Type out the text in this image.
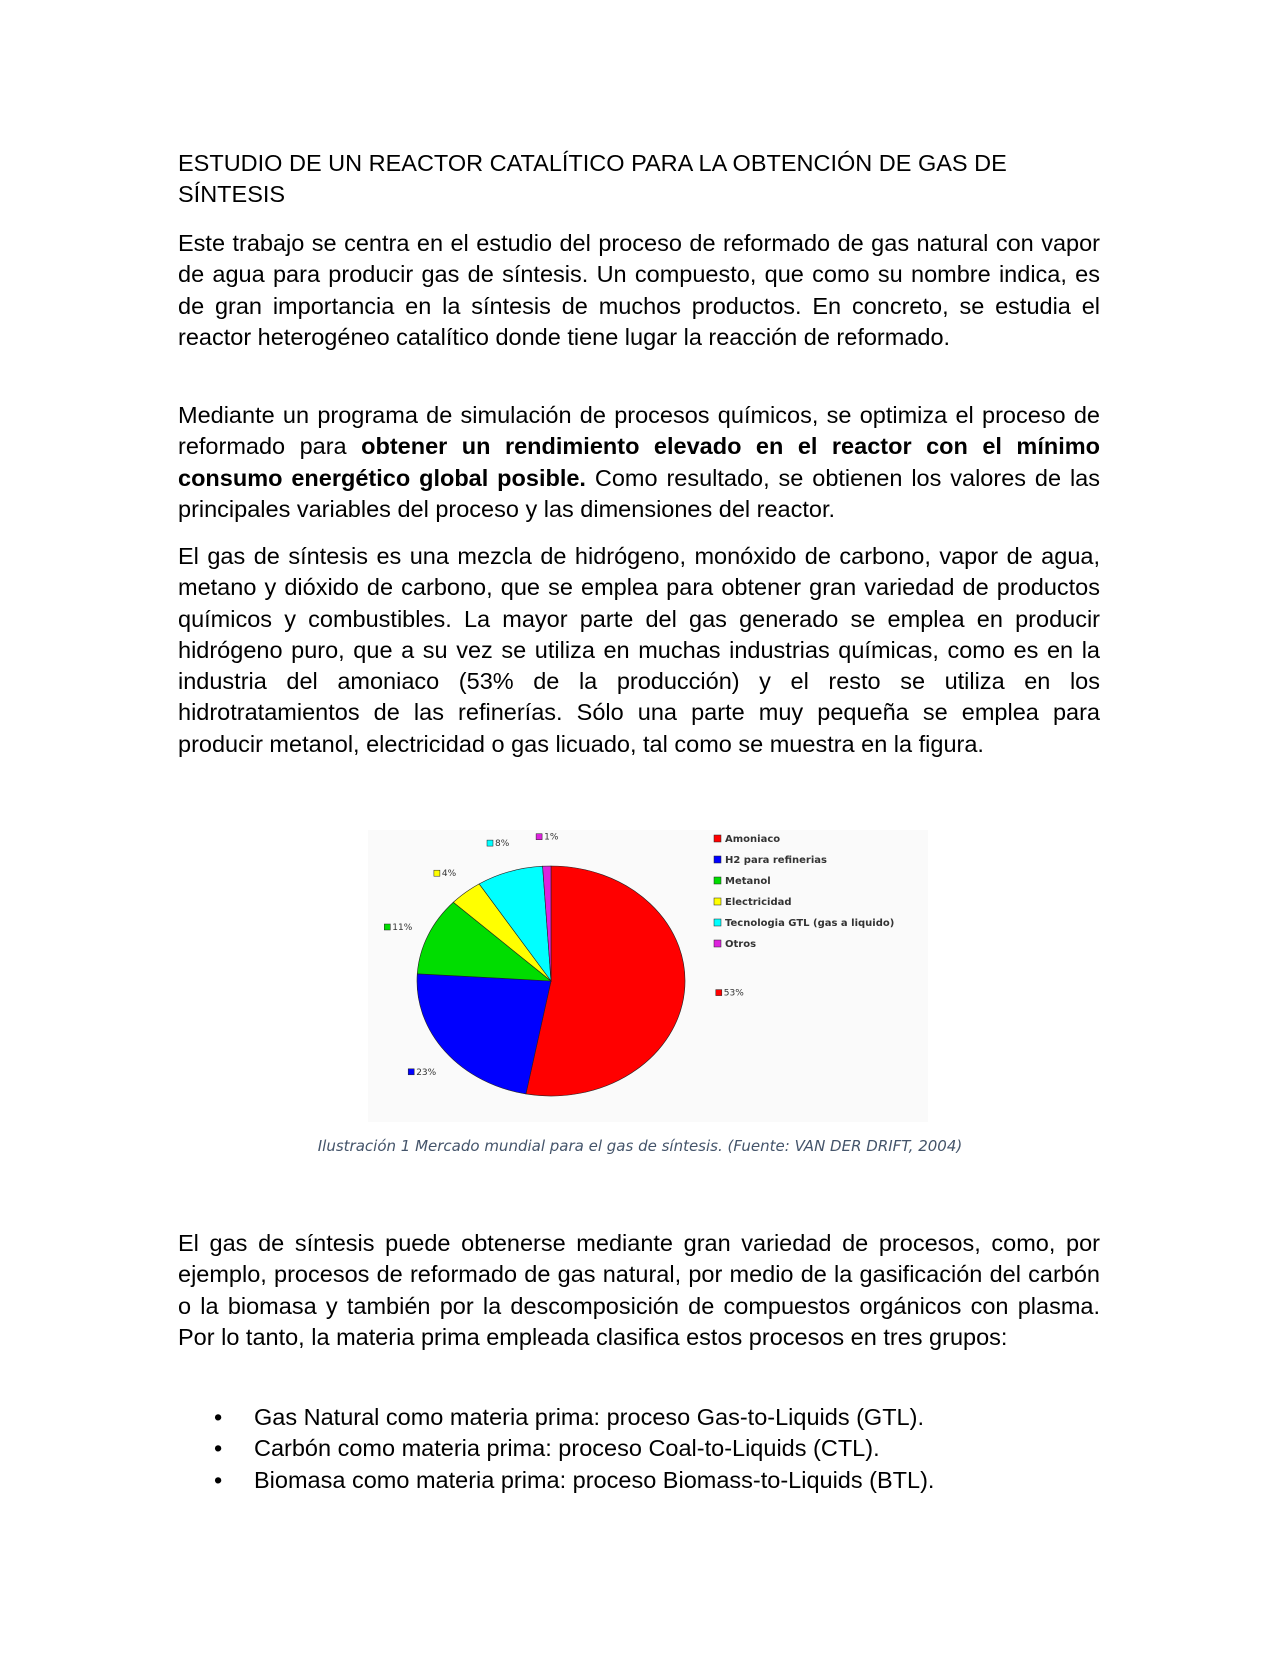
ESTUDIO DE UN REACTOR CATALÍTICO PARA LA OBTENCIÓN DE GAS DE SÍNTESIS

Este trabajo se centra en el estudio del proceso de reformado de gas natural con vapor de agua para producir gas de síntesis. Un compuesto, que como su nombre indica, es de gran importancia en la síntesis de muchos productos. En concreto, se estudia el reactor heterogéneo catalítico donde tiene lugar la reacción de reformado.

Mediante un programa de simulación de procesos químicos, se optimiza el proceso de reformado para obtener un rendimiento elevado en el reactor con el mínimo consumo energético global posible. Como resultado, se obtienen los valores de las principales variables del proceso y las dimensiones del reactor.

El gas de síntesis es una mezcla de hidrógeno, monóxido de carbono, vapor de agua, metano y dióxido de carbono, que se emplea para obtener gran variedad de productos químicos y combustibles. La mayor parte del gas generado se emplea en producir hidrógeno puro, que a su vez se utiliza en muchas industrias químicas, como es en la industria del amoniaco (53% de la producción) y el resto se utiliza en los hidrotratamientos de las refinerías. Sólo una parte muy pequeña se emplea para producir metanol, electricidad o gas licuado, tal como se muestra en la figura.

El gas de síntesis puede obtenerse mediante gran variedad de procesos, como, por ejemplo, procesos de reformado de gas natural, por medio de la gasificación del carbón o la biomasa y también por la descomposición de compuestos orgánicos con plasma. Por lo tanto, la materia prima empleada clasifica estos procesos en tres grupos:

• Gas Natural como materia prima: proceso Gas-to-Liquids (GTL).
• Carbón como materia prima: proceso Coal-to-Liquids (CTL).
• Biomasa como materia prima: proceso Biomass-to-Liquids (BTL).
53%
23%
11%
4%
8%
1%	Amoniaco
H2 para refinerias
Metanol
Electricidad
Tecnologia GTL (gas a liquido)
Otros
Ilustración 1 Mercado mundial para el gas de síntesis. (Fuente: VAN DER DRIFT, 2004)
